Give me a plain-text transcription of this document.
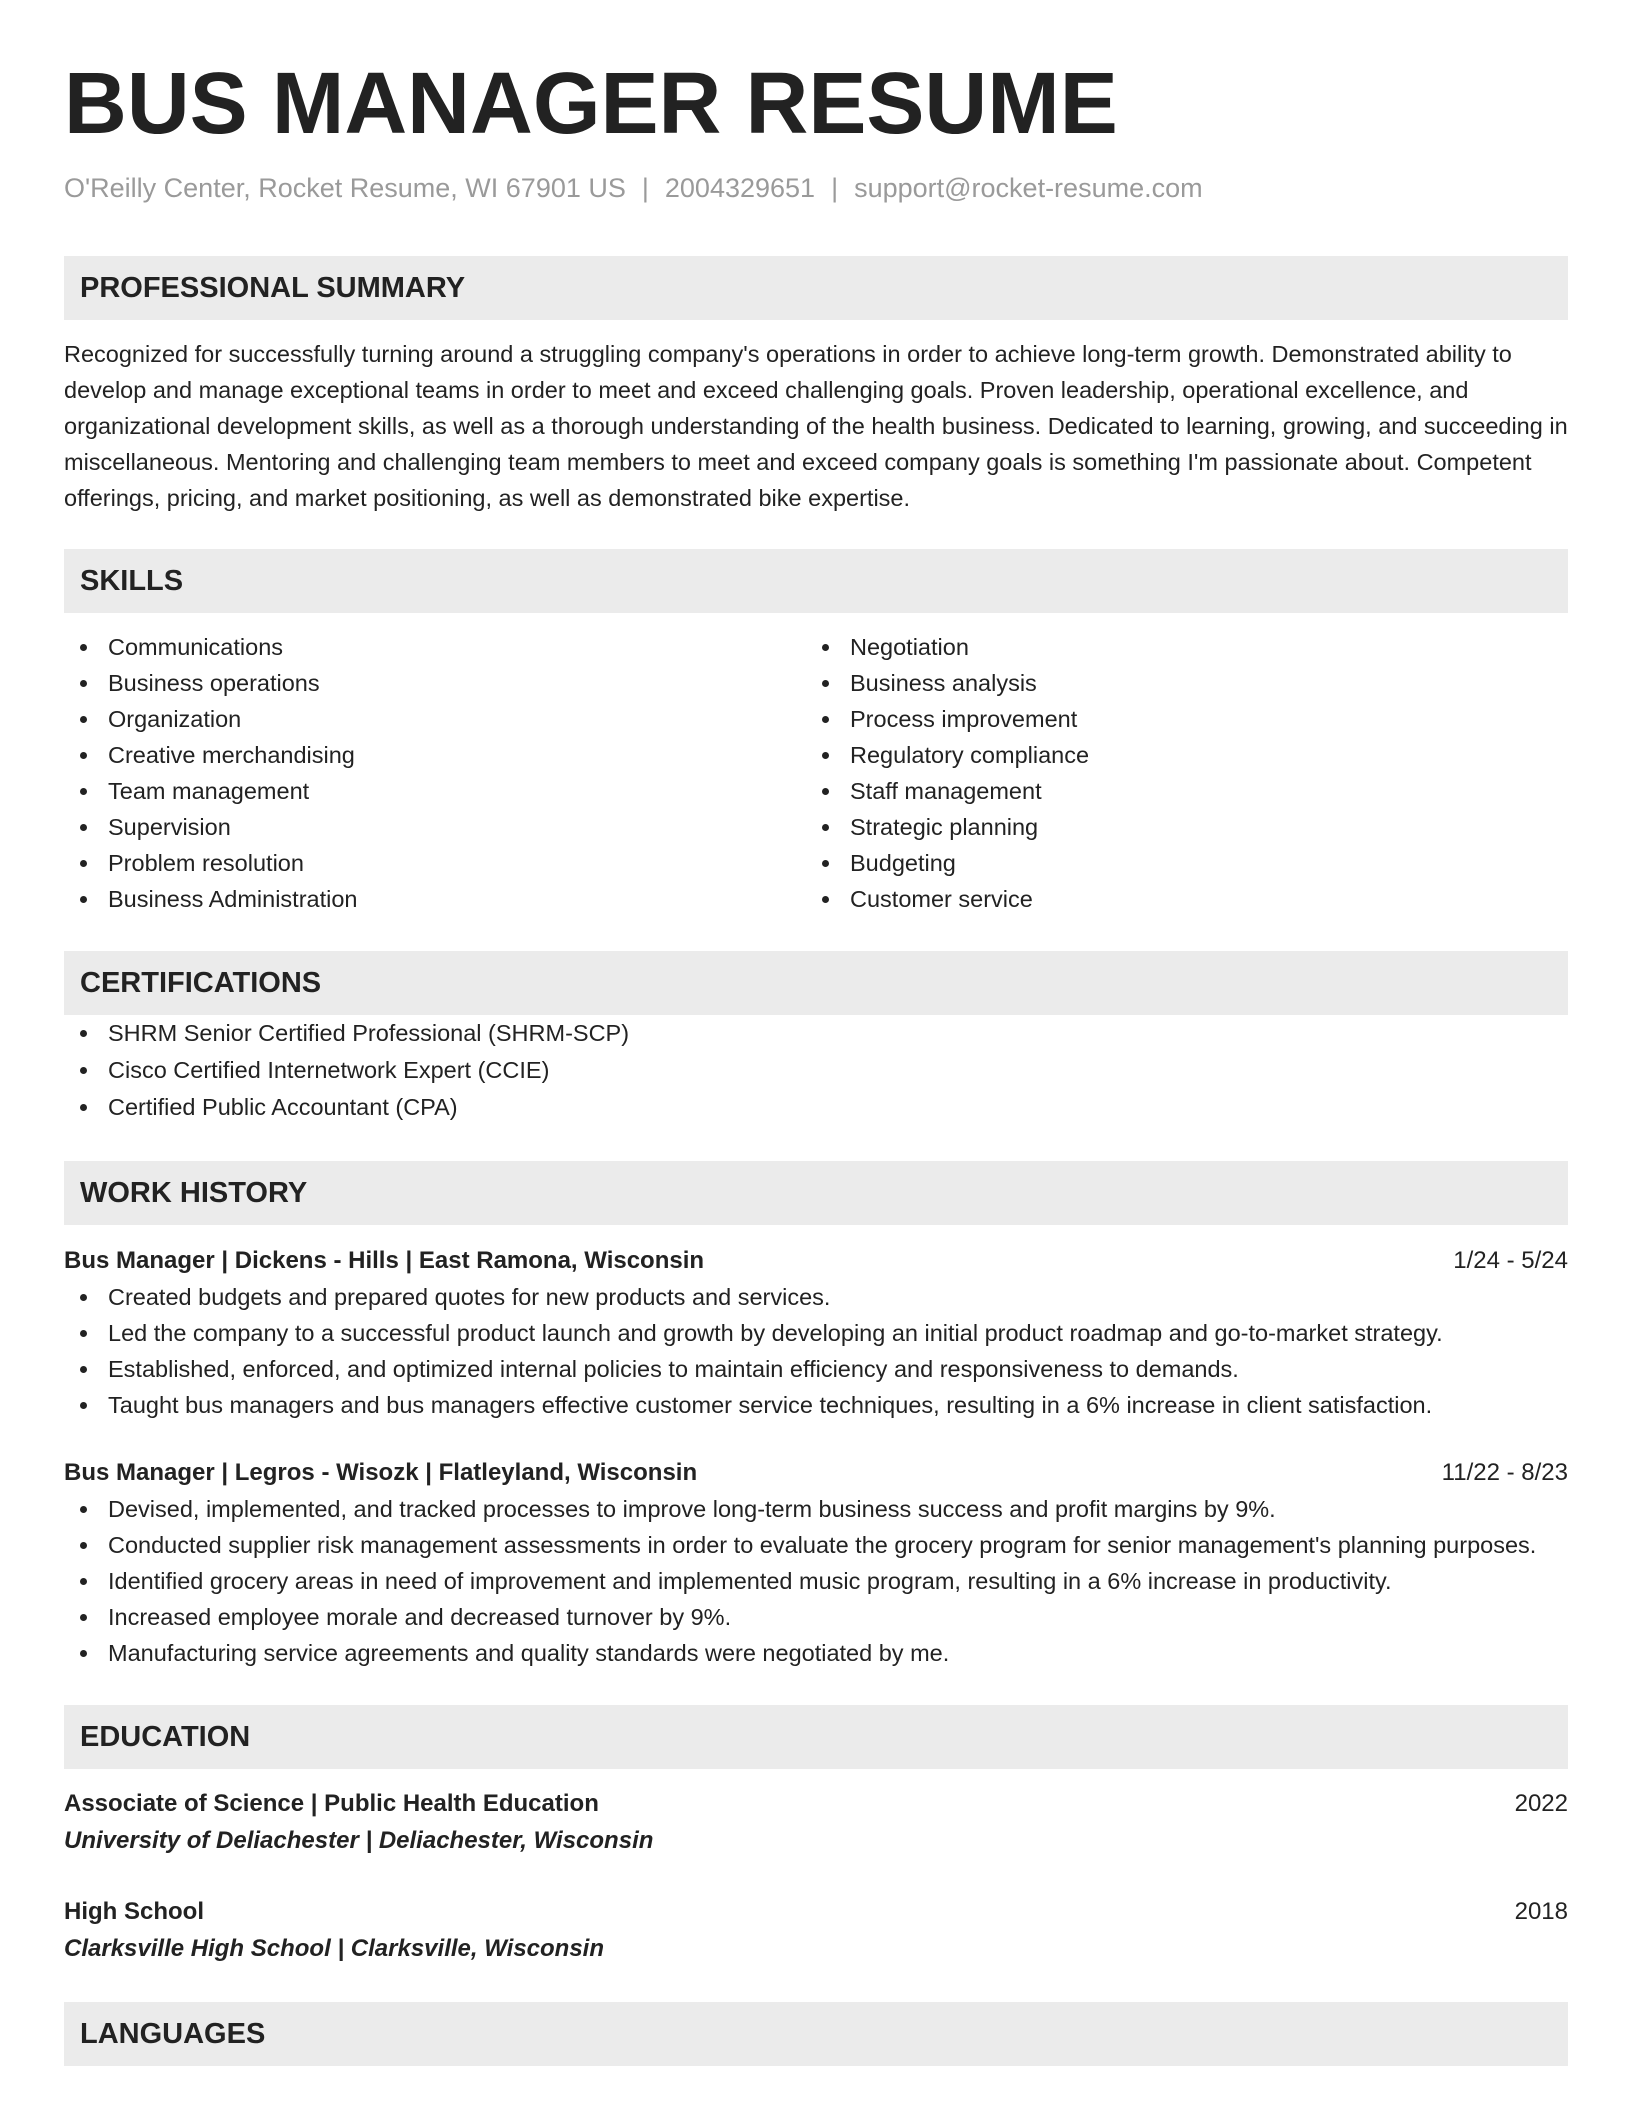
BUS MANAGER RESUME
O'Reilly Center, Rocket Resume, WI 67901 US | 2004329651 | support@rocket-resume.com
PROFESSIONAL SUMMARY
Recognized for successfully turning around a struggling company's operations in order to achieve long-term growth. Demonstrated ability to develop and manage exceptional teams in order to meet and exceed challenging goals. Proven leadership, operational excellence, and organizational development skills, as well as a thorough understanding of the health business. Dedicated to learning, growing, and succeeding in miscellaneous. Mentoring and challenging team members to meet and exceed company goals is something I'm passionate about. Competent offerings, pricing, and market positioning, as well as demonstrated bike expertise.
SKILLS
Communications
Business operations
Organization
Creative merchandising
Team management
Supervision
Problem resolution
Business Administration
Negotiation
Business analysis
Process improvement
Regulatory compliance
Staff management
Strategic planning
Budgeting
Customer service
CERTIFICATIONS
SHRM Senior Certified Professional (SHRM-SCP)
Cisco Certified Internetwork Expert (CCIE)
Certified Public Accountant (CPA)
WORK HISTORY
Bus Manager | Dickens - Hills | East Ramona, Wisconsin	1/24 - 5/24
Created budgets and prepared quotes for new products and services.
Led the company to a successful product launch and growth by developing an initial product roadmap and go-to-market strategy.
Established, enforced, and optimized internal policies to maintain efficiency and responsiveness to demands.
Taught bus managers and bus managers effective customer service techniques, resulting in a 6% increase in client satisfaction.
Bus Manager | Legros - Wisozk | Flatleyland, Wisconsin	11/22 - 8/23
Devised, implemented, and tracked processes to improve long-term business success and profit margins by 9%.
Conducted supplier risk management assessments in order to evaluate the grocery program for senior management's planning purposes.
Identified grocery areas in need of improvement and implemented music program, resulting in a 6% increase in productivity.
Increased employee morale and decreased turnover by 9%.
Manufacturing service agreements and quality standards were negotiated by me.
EDUCATION
Associate of Science | Public Health Education	2022
University of Deliachester | Deliachester, Wisconsin
High School	2018
Clarksville High School | Clarksville, Wisconsin
LANGUAGES
